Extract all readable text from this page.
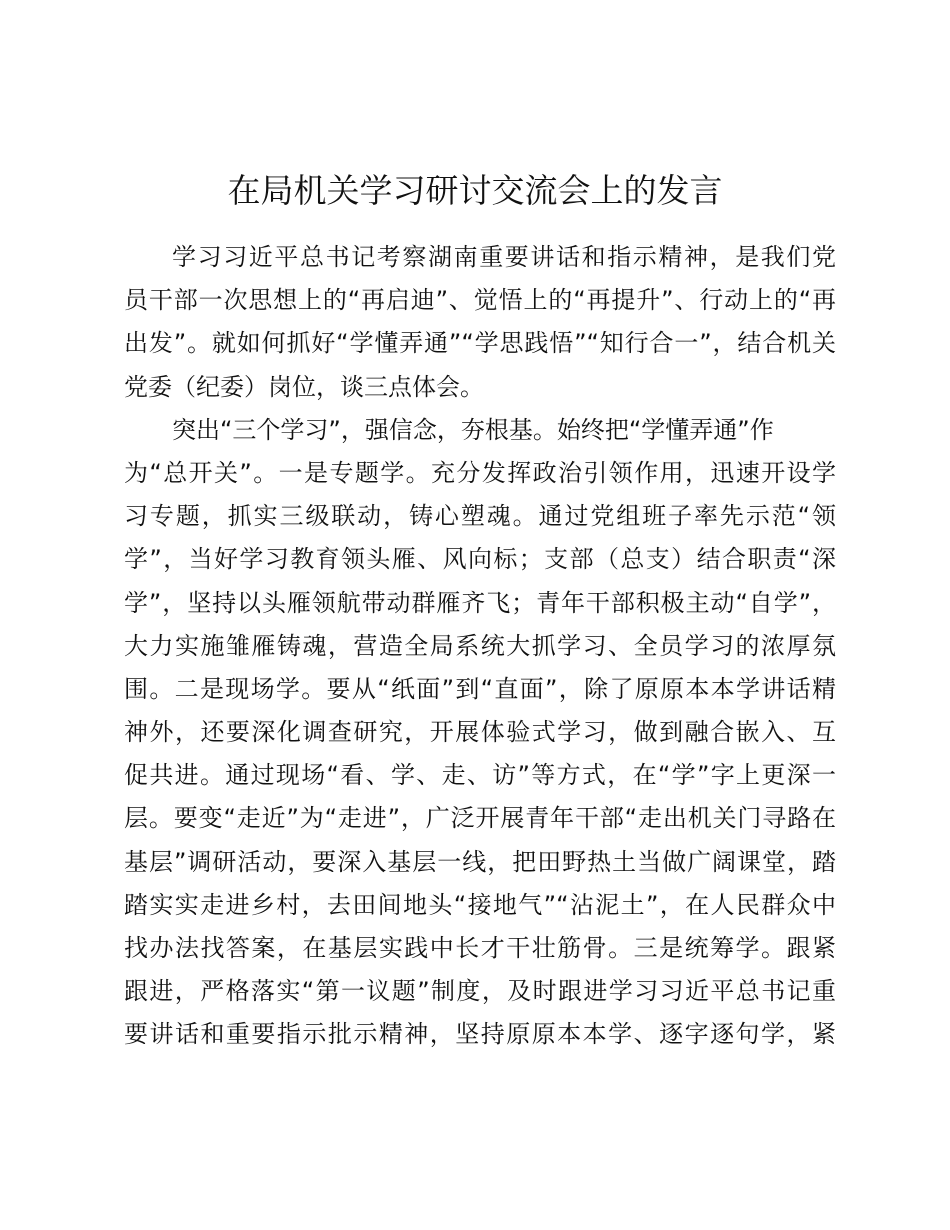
在局机关学习研讨交流会上的发言
学习习近平总书记考察湖南重要讲话和指示精神，是我们党
员干部一次思想上的“再启迪”、觉悟上的“再提升”、行动上的“再
出发”。就如何抓好“学懂弄通”“学思践悟”“知行合一”，结合机关
党委（纪委）岗位，谈三点体会。
突出“三个学习”，强信念，夯根基。始终把“学懂弄通”作
为“总开关”。一是专题学。充分发挥政治引领作用，迅速开设学
习专题，抓实三级联动，铸心塑魂。通过党组班子率先示范“领
学”，当好学习教育领头雁、风向标；支部（总支）结合职责“深
学”，坚持以头雁领航带动群雁齐飞；青年干部积极主动“自学”，
大力实施雏雁铸魂，营造全局系统大抓学习、全员学习的浓厚氛
围。二是现场学。要从“纸面”到“直面”，除了原原本本学讲话精
神外，还要深化调查研究，开展体验式学习，做到融合嵌入、互
促共进。通过现场“看、学、走、访”等方式，在“学”字上更深一
层。要变“走近”为“走进”，广泛开展青年干部“走出机关门寻路在
基层”调研活动，要深入基层一线，把田野热土当做广阔课堂，踏
踏实实走进乡村，去田间地头“接地气”“沾泥土”，在人民群众中
找办法找答案，在基层实践中长才干壮筋骨。三是统筹学。跟紧
跟进，严格落实“第一议题”制度，及时跟进学习习近平总书记重
要讲话和重要指示批示精神，坚持原原本本学、逐字逐句学，紧
